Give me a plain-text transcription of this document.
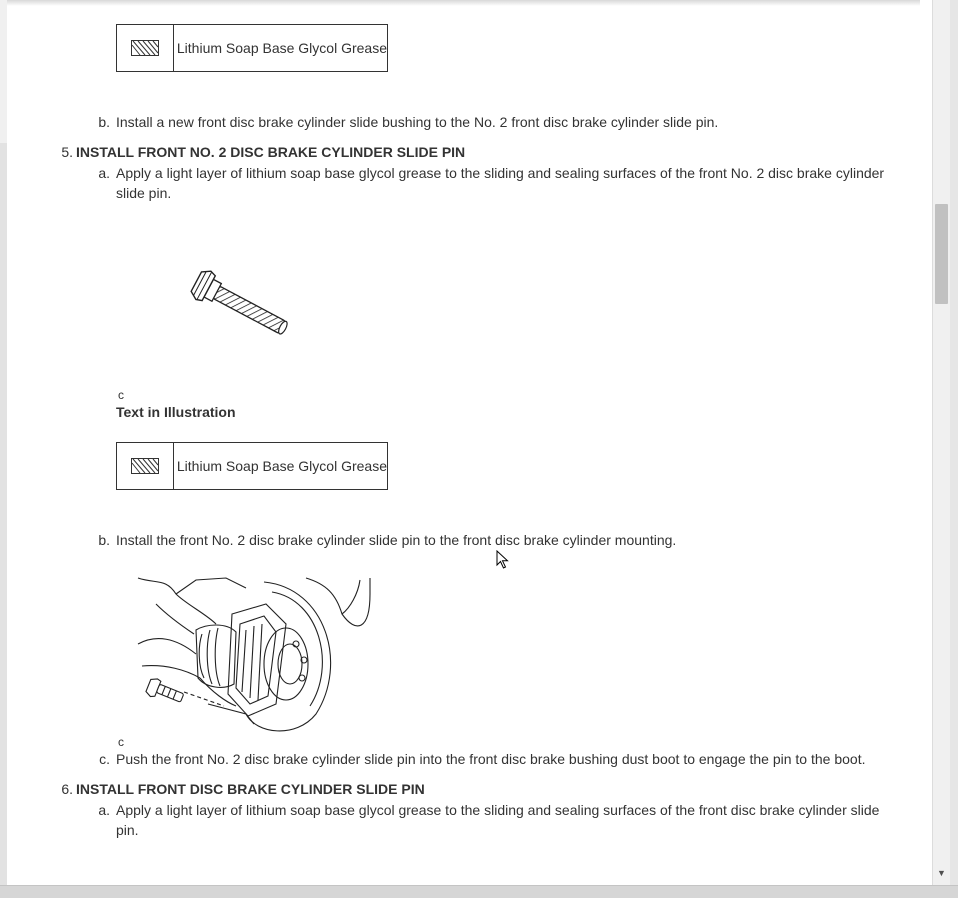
Lithium Soap Base Glycol Grease
b. Install a new front disc brake cylinder slide bushing to the No. 2 front disc brake cylinder slide pin.
5. INSTALL FRONT NO. 2 DISC BRAKE CYLINDER SLIDE PIN
a. Apply a light layer of lithium soap base glycol grease to the sliding and sealing surfaces of the front No. 2 disc brake cylinder
slide pin.
c
Text in Illustration
Lithium Soap Base Glycol Grease
b. Install the front No. 2 disc brake cylinder slide pin to the front disc brake cylinder mounting.
c
c. Push the front No. 2 disc brake cylinder slide pin into the front disc brake bushing dust boot to engage the pin to the boot.
6. INSTALL FRONT DISC BRAKE CYLINDER SLIDE PIN
a. Apply a light layer of lithium soap base glycol grease to the sliding and sealing surfaces of the front disc brake cylinder slide
pin.
▼
